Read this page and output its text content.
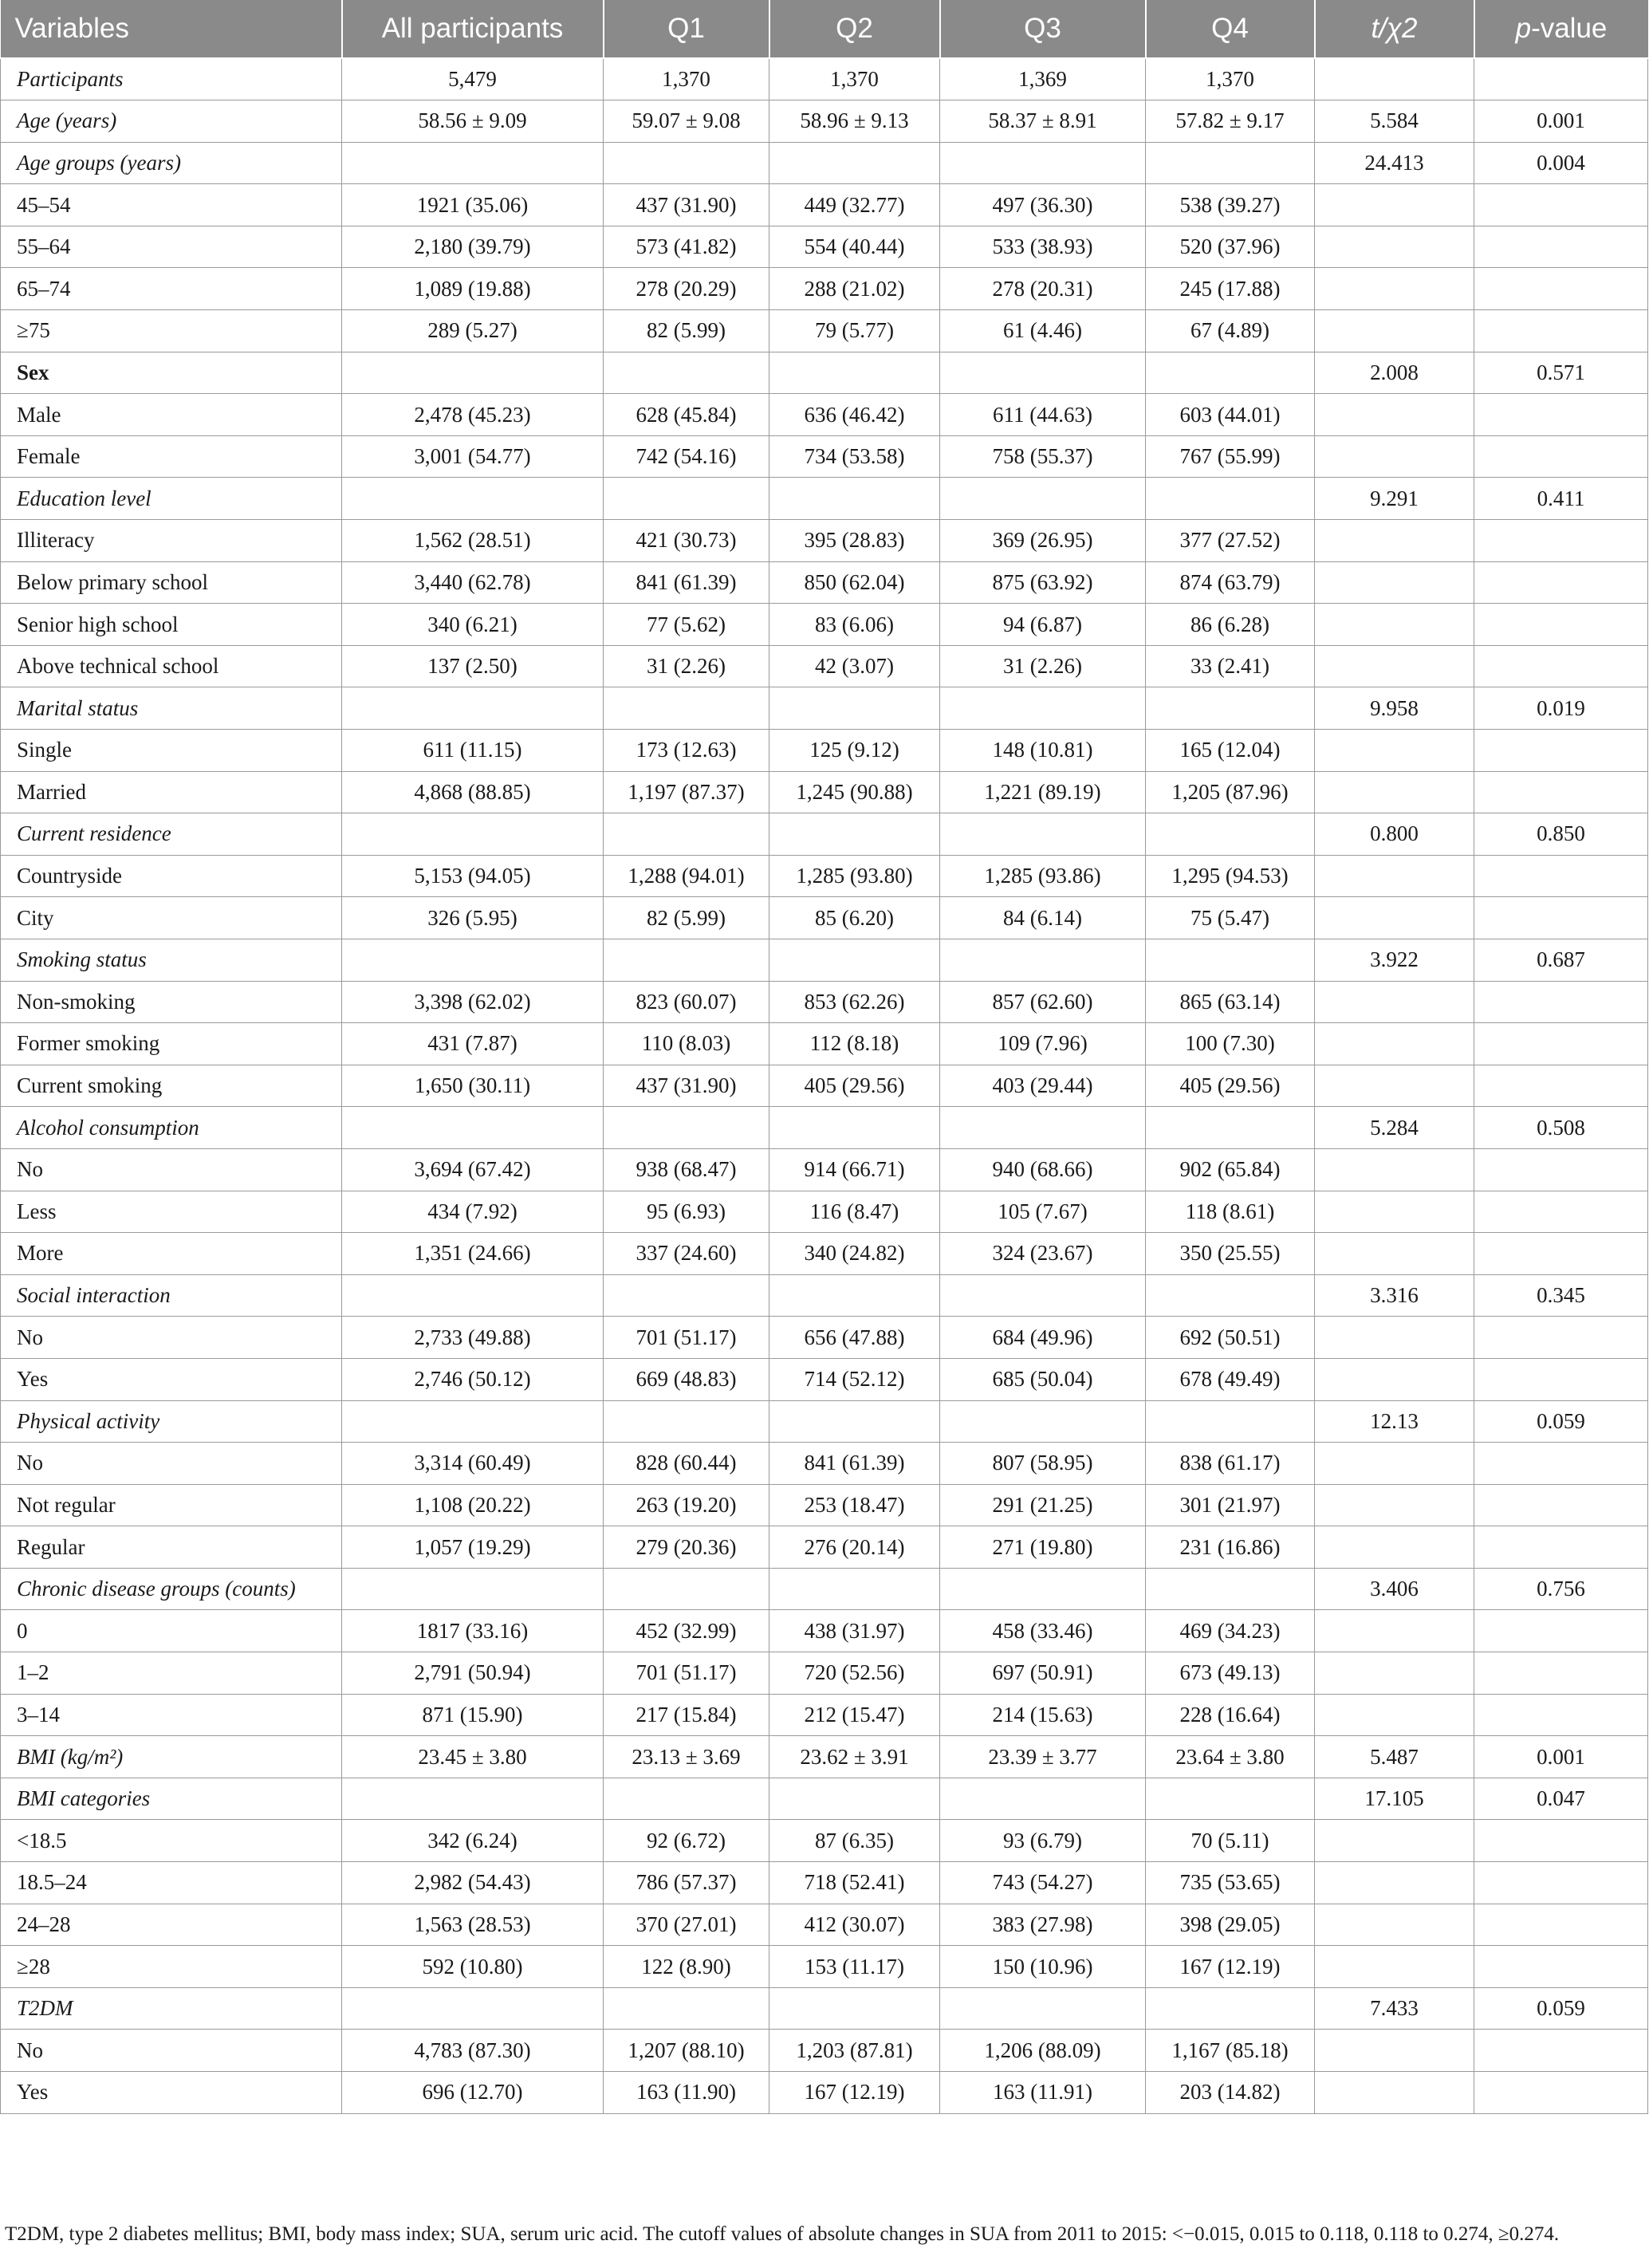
Variables	All participants	Q1	Q2	Q3	Q4	t/χ2	p-value
Participants	5,479	1,370	1,370	1,369	1,370		
Age (years)	58.56 ± 9.09	59.07 ± 9.08	58.96 ± 9.13	58.37 ± 8.91	57.82 ± 9.17	5.584	0.001
Age groups (years)						24.413	0.004
45–54	1921 (35.06)	437 (31.90)	449 (32.77)	497 (36.30)	538 (39.27)		
55–64	2,180 (39.79)	573 (41.82)	554 (40.44)	533 (38.93)	520 (37.96)		
65–74	1,089 (19.88)	278 (20.29)	288 (21.02)	278 (20.31)	245 (17.88)		
≥75	289 (5.27)	82 (5.99)	79 (5.77)	61 (4.46)	67 (4.89)		
Sex						2.008	0.571
Male	2,478 (45.23)	628 (45.84)	636 (46.42)	611 (44.63)	603 (44.01)		
Female	3,001 (54.77)	742 (54.16)	734 (53.58)	758 (55.37)	767 (55.99)		
Education level						9.291	0.411
Illiteracy	1,562 (28.51)	421 (30.73)	395 (28.83)	369 (26.95)	377 (27.52)		
Below primary school	3,440 (62.78)	841 (61.39)	850 (62.04)	875 (63.92)	874 (63.79)		
Senior high school	340 (6.21)	77 (5.62)	83 (6.06)	94 (6.87)	86 (6.28)		
Above technical school	137 (2.50)	31 (2.26)	42 (3.07)	31 (2.26)	33 (2.41)		
Marital status						9.958	0.019
Single	611 (11.15)	173 (12.63)	125 (9.12)	148 (10.81)	165 (12.04)		
Married	4,868 (88.85)	1,197 (87.37)	1,245 (90.88)	1,221 (89.19)	1,205 (87.96)		
Current residence						0.800	0.850
Countryside	5,153 (94.05)	1,288 (94.01)	1,285 (93.80)	1,285 (93.86)	1,295 (94.53)		
City	326 (5.95)	82 (5.99)	85 (6.20)	84 (6.14)	75 (5.47)		
Smoking status						3.922	0.687
Non-smoking	3,398 (62.02)	823 (60.07)	853 (62.26)	857 (62.60)	865 (63.14)		
Former smoking	431 (7.87)	110 (8.03)	112 (8.18)	109 (7.96)	100 (7.30)		
Current smoking	1,650 (30.11)	437 (31.90)	405 (29.56)	403 (29.44)	405 (29.56)		
Alcohol consumption						5.284	0.508
No	3,694 (67.42)	938 (68.47)	914 (66.71)	940 (68.66)	902 (65.84)		
Less	434 (7.92)	95 (6.93)	116 (8.47)	105 (7.67)	118 (8.61)		
More	1,351 (24.66)	337 (24.60)	340 (24.82)	324 (23.67)	350 (25.55)		
Social interaction						3.316	0.345
No	2,733 (49.88)	701 (51.17)	656 (47.88)	684 (49.96)	692 (50.51)		
Yes	2,746 (50.12)	669 (48.83)	714 (52.12)	685 (50.04)	678 (49.49)		
Physical activity						12.13	0.059
No	3,314 (60.49)	828 (60.44)	841 (61.39)	807 (58.95)	838 (61.17)		
Not regular	1,108 (20.22)	263 (19.20)	253 (18.47)	291 (21.25)	301 (21.97)		
Regular	1,057 (19.29)	279 (20.36)	276 (20.14)	271 (19.80)	231 (16.86)		
Chronic disease groups (counts)						3.406	0.756
0	1817 (33.16)	452 (32.99)	438 (31.97)	458 (33.46)	469 (34.23)		
1–2	2,791 (50.94)	701 (51.17)	720 (52.56)	697 (50.91)	673 (49.13)		
3–14	871 (15.90)	217 (15.84)	212 (15.47)	214 (15.63)	228 (16.64)		
BMI (kg/m²)	23.45 ± 3.80	23.13 ± 3.69	23.62 ± 3.91	23.39 ± 3.77	23.64 ± 3.80	5.487	0.001
BMI categories						17.105	0.047
<18.5	342 (6.24)	92 (6.72)	87 (6.35)	93 (6.79)	70 (5.11)		
18.5–24	2,982 (54.43)	786 (57.37)	718 (52.41)	743 (54.27)	735 (53.65)		
24–28	1,563 (28.53)	370 (27.01)	412 (30.07)	383 (27.98)	398 (29.05)		
≥28	592 (10.80)	122 (8.90)	153 (11.17)	150 (10.96)	167 (12.19)		
T2DM						7.433	0.059
No	4,783 (87.30)	1,207 (88.10)	1,203 (87.81)	1,206 (88.09)	1,167 (85.18)		
Yes	696 (12.70)	163 (11.90)	167 (12.19)	163 (11.91)	203 (14.82)		
T2DM, type 2 diabetes mellitus; BMI, body mass index; SUA, serum uric acid. The cutoff values of absolute changes in SUA from 2011 to 2015: <−0.015, 0.015 to 0.118, 0.118 to 0.274, ≥0.274.
